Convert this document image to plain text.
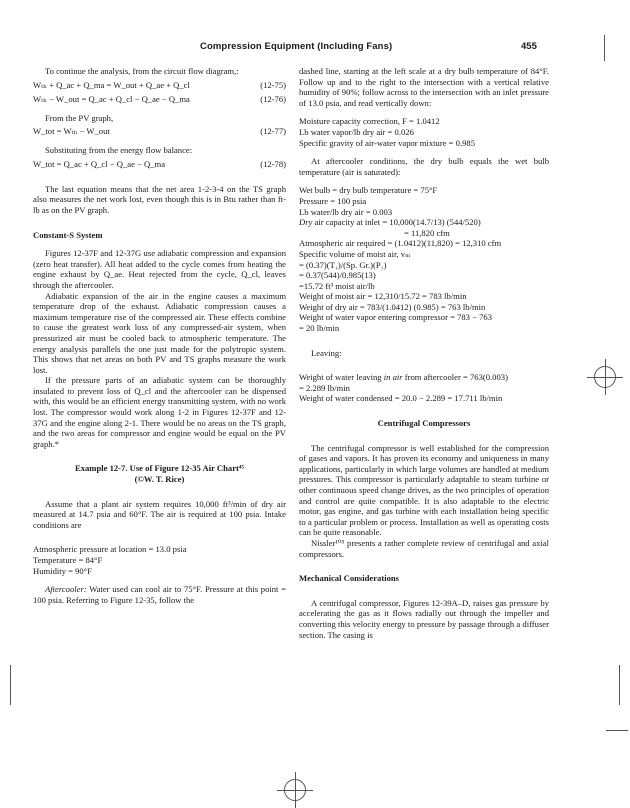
Compression Equipment (Including Fans)	455

To continue the analysis, from the circuit flow diagram,:

Wₜₕ + Q_ac + Q_ma = W_out + Q_ae + Q_cl	(12-75)
Wₜₕ − W_out = Q_ac + Q_cl − Q_ae − Q_ma	(12-76)

From the PV graph,

W_tot = Wₜₕ − W_out	(12-77)

Substituting from the energy flow balance:

W_tot = Q_ac + Q_cl − Q_ae − Q_ma	(12-78)

The last equation means that the net area 1-2-3-4 on the TS graph also measures the net work lost, even though this is in Btu rather than ft-lb as on the PV graph.

Constant-S System

Figures 12-37F and 12-37G use adiabatic compression and expansion (zero heat transfer). All heat added to the cycle comes from heating the engine exhaust by Q_ae. Heat rejected from the cycle, Q_cl, leaves through the aftercooler.

Adiabatic expansion of the air in the engine causes a maximum temperature drop of the exhaust. Adiabatic compression causes a maximum temperature rise of the compressed air. These effects combine to cause the greatest work loss of any compressed-air system, when pressurized air must be cooled back to atmospheric temperature. The energy analysis parallels the one just made for the polytropic system. This shows that net areas on both PV and TS graphs measure the work lost.

If the pressure parts of an adiabatic system can be thoroughly insulated to prevent loss of Q_cl and the aftercooler can be dispensed with, this would be an efficient energy transmitting system, with no work lost. The compressor would work along 1-2 in Figures 12-37F and 12-37G and the engine along 2-1. There would be no areas on the TS graph, and the two areas for compressor and engine would be equal on the PV graph.*

Example 12-7. Use of Figure 12-35 Air Chart⁴⁵

(©W. T. Rice)

Assume that a plant air system requires 10,000 ft³/min of dry air measured at 14.7 psia and 60°F. The air is required at 100 psia. Intake conditions are

Atmospheric pressure at location = 13.0 psia

Temperature = 84°F

Humidity = 90°F

Aftercooler: Water used can cool air to 75°F. Pressure at this point = 100 psia. Referring to Figure 12-35, follow the

dashed line, starting at the left scale at a dry bulb temperature of 84°F. Follow up and to the right to the intersection with a vertical relative humidity of 90%; follow across to the intersection with an inlet pressure of 13.0 psia, and read vertically down:

Moisture capacity correction, F = 1.0412

Lb water vapor/lb dry air = 0.026

Specific gravity of air-water vapor mixture = 0.985

At aftercooler conditions, the dry bulb equals the wet bulb temperature (air is saturated):

Wet bulb = dry bulb temperature = 75°F

Pressure = 100 psia

Lb water/lb dry air = 0.003

Dry air capacity at inlet = 10,000(14.7/13) (544/520)

= 11,820 cfm

Atmospheric air required = (1.0412)(11,820) = 12,310 cfm

Specific volume of moist air, vₘ

= (0.37)(T₁)/(Sp. Gr.)(P₁)

= 0.37(544)/0.985(13)

=15.72 ft³ moist air/lb

Weight of moist air = 12,310/15.72 = 783 lb/min

Weight of dry air = 783/(1.0412) (0.985) = 763 lb/min

Weight of water vapor entering compressor = 783 − 763

= 20 lb/min

Leaving:

Weight of water leaving in air from aftercooler = 763(0.003)

= 2.289 lb/min

Weight of water condensed = 20.0 − 2.289 = 17.711 lb/min

Centrifugal Compressors

The centrifugal compressor is well established for the compression of gases and vapors. It has proven its economy and uniqueness in many applications, particularly in which large volumes are handled at medium pressures. This compressor is particularly adaptable to steam turbine or other continuous speed change drives, as the two principles of operation and control are quite compatible. It is also adaptable to the electric motor, gas engine, and gas turbine with each installation being specific to a particular problem or process. Installation as well as operating costs can be quite reasonable.

Nissler¹⁰⁵ presents a rather complete review of centrifugal and axial compressors.

Mechanical Considerations

A centrifugal compressor, Figures 12-39A–D, raises gas pressure by accelerating the gas as it flows radially out through the impeller and converting this velocity energy to pressure by passage through a diffuser section. The casing is
